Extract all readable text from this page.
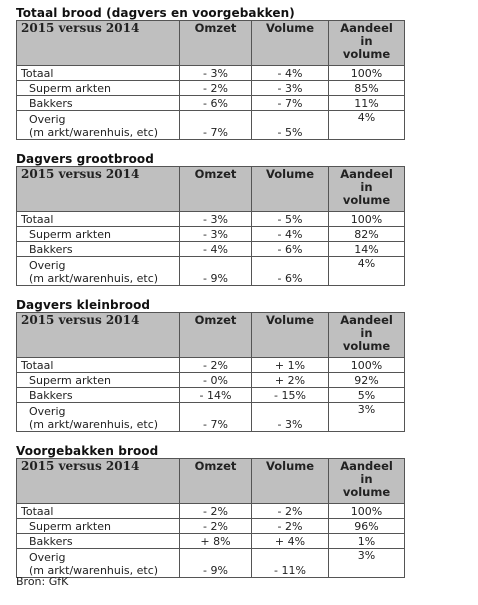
Totaal brood (dagvers en voorgebakken)
2015 versus 2014	Omzet	Volume	Aandeel
in
volume
Totaal	- 3%	- 4%	100%
Superm arkten	- 2%	- 3%	85%
Bakkers	- 6%	- 7%	11%
Overig
(m arkt/warenhuis, etc)	- 7%	- 5%	4%
Dagvers grootbrood
2015 versus 2014	Omzet	Volume	Aandeel
in
volume
Totaal	- 3%	- 5%	100%
Superm arkten	- 3%	- 4%	82%
Bakkers	- 4%	- 6%	14%
Overig
(m arkt/warenhuis, etc)	- 9%	- 6%	4%
Dagvers kleinbrood
2015 versus 2014	Omzet	Volume	Aandeel
in
volume
Totaal	- 2%	+ 1%	100%
Superm arkten	- 0%	+ 2%	92%
Bakkers	- 14%	- 15%	5%
Overig
(m arkt/warenhuis, etc)	- 7%	- 3%	3%
Voorgebakken brood
2015 versus 2014	Omzet	Volume	Aandeel
in
volume
Totaal	- 2%	- 2%	100%
Superm arkten	- 2%	- 2%	96%
Bakkers	+ 8%	+ 4%	1%
Overig
(m arkt/warenhuis, etc)	- 9%	- 11%	3%
Bron: GfK
